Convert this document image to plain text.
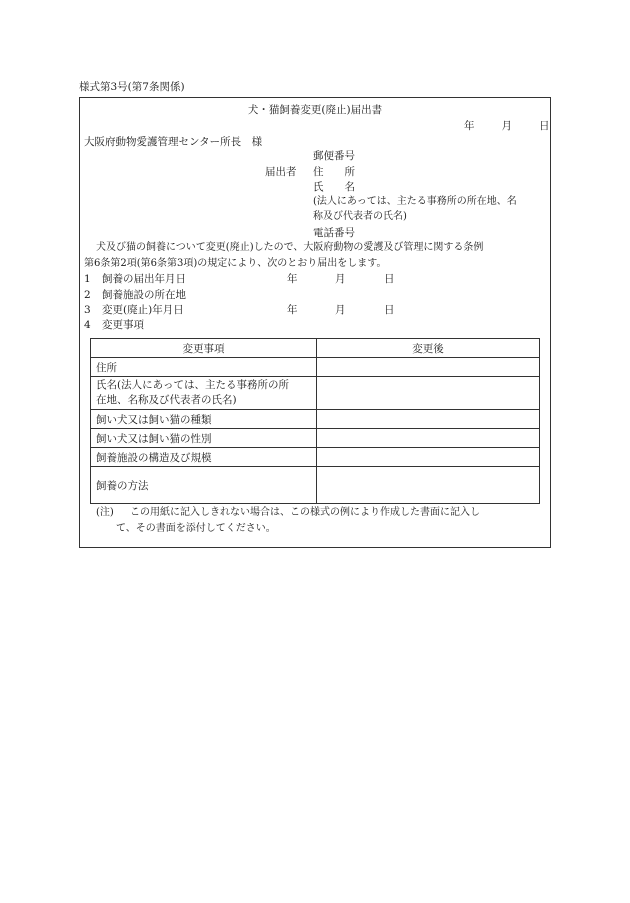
様式第3号(第7条関係)
犬・猫飼養変更(廃止)届出書
年　　月　　日
大阪府動物愛護管理センター所長　様
郵便番号
届出者 住　　所
氏　　名
(法人にあっては、主たる事務所の所在地、名
称及び代表者の氏名)
電話番号
犬及び猫の飼養について変更(廃止)したので、大阪府動物の愛護及び管理に関する条例
第6条第2項(第6条第3項)の規定により、次のとおり届出をします。
1 飼養の届出年月日	年	月	日
2 飼養施設の所在地
3 変更(廃止)年月日	年	月	日
4 変更事項
変更事項	変更後
住所	
氏名(法人にあっては、主たる事務所の所
在地、名称及び代表者の氏名)	
飼い犬又は飼い猫の種類	
飼い犬又は飼い猫の性別	
飼養施設の構造及び規模	
飼養の方法	
(注) この用紙に記入しきれない場合は、この様式の例により作成した書面に記入し
て、その書面を添付してください。
